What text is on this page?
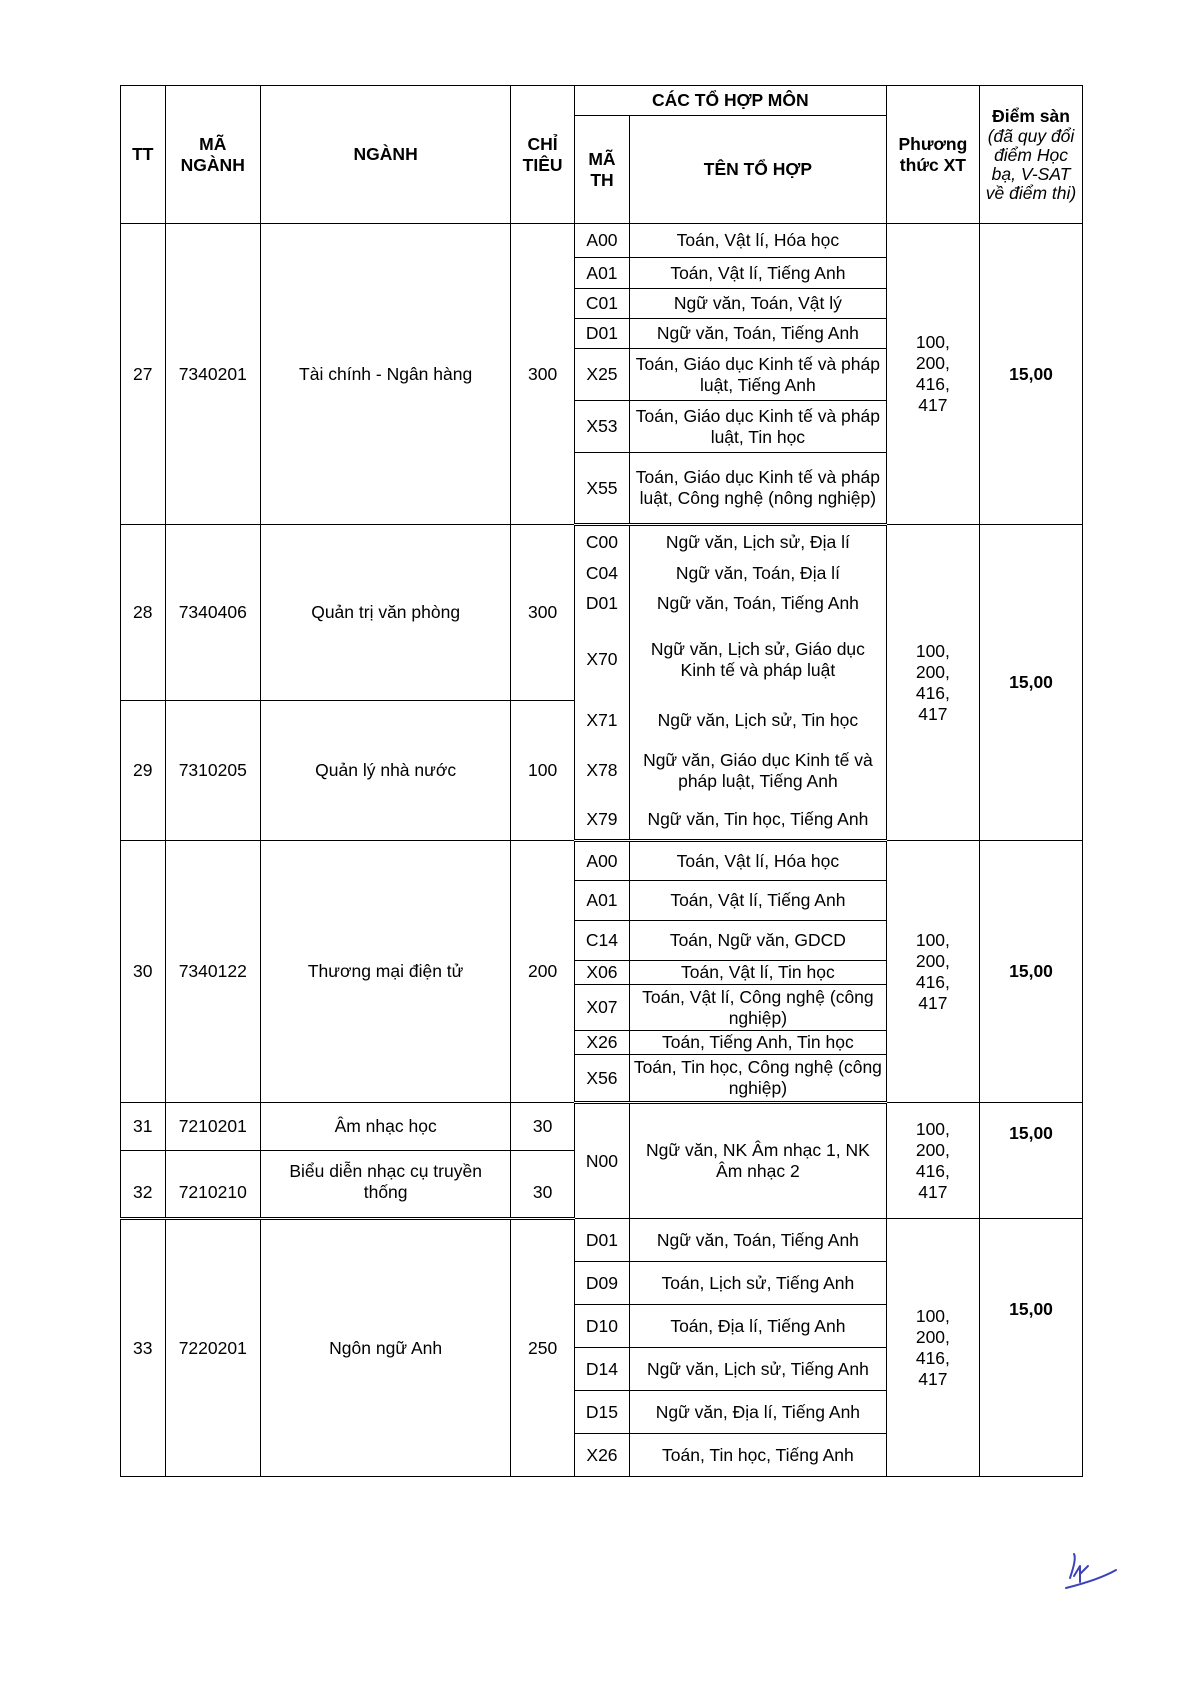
TT	MÃ NGÀNH	NGÀNH	CHỈ TIÊU	CÁC TỔ HỢP MÔN		Phương thức XT	Điểm sàn
(đã quy đổi điểm Học bạ, V-SAT về điểm thi)

				MÃ TH	TÊN TỔ HỢP		
27	7340201	Tài chính - Ngân hàng	300	A00	Toán, Vật lí, Hóa học	100, 200, 416, 417	15,00
				A01	Toán, Vật lí, Tiếng Anh		
				C01	Ngữ văn, Toán, Vật lý		
				D01	Ngữ văn, Toán, Tiếng Anh		
				X25	Toán, Giáo dục Kinh tế và pháp luật, Tiếng Anh		
				X53	Toán, Giáo dục Kinh tế và pháp luật, Tin học		
				X55	Toán, Giáo dục Kinh tế và pháp luật, Công nghệ (nông nghiệp)		
28	7340406	Quản trị văn phòng	300	C00	Ngữ văn, Lịch sử, Địa lí	100, 200, 416, 417	15,00
				C04	Ngữ văn, Toán, Địa lí		
				D01	Ngữ văn, Toán, Tiếng Anh		
				X70	Ngữ văn, Lịch sử, Giáo dục Kinh tế và pháp luật		
29	7310205	Quản lý nhà nước	100	X71	Ngữ văn, Lịch sử, Tin học		
				X78	Ngữ văn, Giáo dục Kinh tế và pháp luật, Tiếng Anh		
				X79	Ngữ văn, Tin học, Tiếng Anh		
30	7340122	Thương mại điện tử	200	A00	Toán, Vật lí, Hóa học	100, 200, 416, 417	15,00
				A01	Toán, Vật lí, Tiếng Anh		
				C14	Toán, Ngữ văn, GDCD		
				X06	Toán, Vật lí, Tin học		
				X07	Toán, Vật lí, Công nghệ (công nghiệp)		
				X26	Toán, Tiếng Anh, Tin học		
				X56	Toán, Tin học, Công nghệ (công nghiệp)		
31	7210201	Âm nhạc học	30	N00	Ngữ văn, NK Âm nhạc 1, NK Âm nhạc 2	100, 200, 416, 417	15,00
32	7210210	Biểu diễn nhạc cụ truyền thống	30				
33	7220201	Ngôn ngữ Anh	250	D01	Ngữ văn, Toán, Tiếng Anh	100, 200, 416, 417	15,00
				D09	Toán, Lịch sử, Tiếng Anh		
				D10	Toán, Địa lí, Tiếng Anh		
				D14	Ngữ văn, Lịch sử, Tiếng Anh		
				D15	Ngữ văn, Địa lí, Tiếng Anh		
				X26	Toán, Tin học, Tiếng Anh		
